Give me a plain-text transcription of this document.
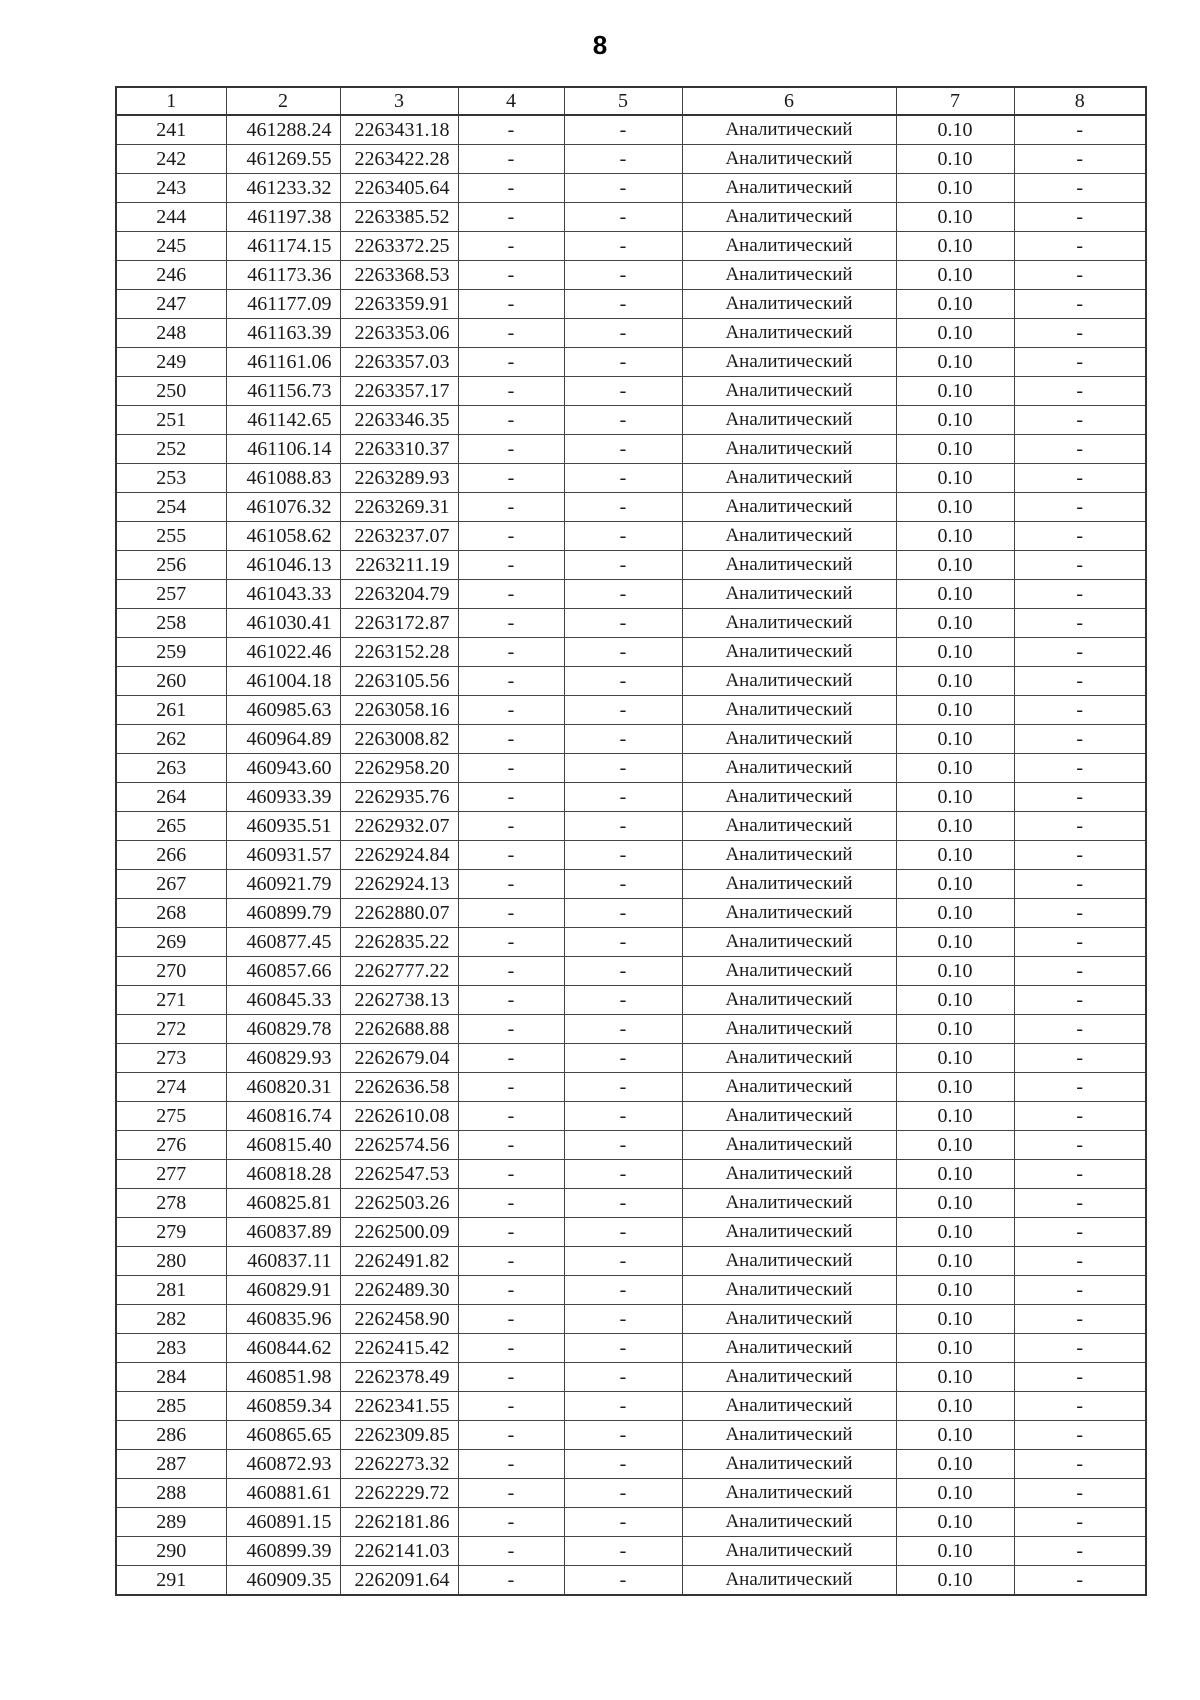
8
1	2	3	4	5	6	7	8
241	461288.24	2263431.18	-	-	Аналитический	0.10	-
242	461269.55	2263422.28	-	-	Аналитический	0.10	-
243	461233.32	2263405.64	-	-	Аналитический	0.10	-
244	461197.38	2263385.52	-	-	Аналитический	0.10	-
245	461174.15	2263372.25	-	-	Аналитический	0.10	-
246	461173.36	2263368.53	-	-	Аналитический	0.10	-
247	461177.09	2263359.91	-	-	Аналитический	0.10	-
248	461163.39	2263353.06	-	-	Аналитический	0.10	-
249	461161.06	2263357.03	-	-	Аналитический	0.10	-
250	461156.73	2263357.17	-	-	Аналитический	0.10	-
251	461142.65	2263346.35	-	-	Аналитический	0.10	-
252	461106.14	2263310.37	-	-	Аналитический	0.10	-
253	461088.83	2263289.93	-	-	Аналитический	0.10	-
254	461076.32	2263269.31	-	-	Аналитический	0.10	-
255	461058.62	2263237.07	-	-	Аналитический	0.10	-
256	461046.13	2263211.19	-	-	Аналитический	0.10	-
257	461043.33	2263204.79	-	-	Аналитический	0.10	-
258	461030.41	2263172.87	-	-	Аналитический	0.10	-
259	461022.46	2263152.28	-	-	Аналитический	0.10	-
260	461004.18	2263105.56	-	-	Аналитический	0.10	-
261	460985.63	2263058.16	-	-	Аналитический	0.10	-
262	460964.89	2263008.82	-	-	Аналитический	0.10	-
263	460943.60	2262958.20	-	-	Аналитический	0.10	-
264	460933.39	2262935.76	-	-	Аналитический	0.10	-
265	460935.51	2262932.07	-	-	Аналитический	0.10	-
266	460931.57	2262924.84	-	-	Аналитический	0.10	-
267	460921.79	2262924.13	-	-	Аналитический	0.10	-
268	460899.79	2262880.07	-	-	Аналитический	0.10	-
269	460877.45	2262835.22	-	-	Аналитический	0.10	-
270	460857.66	2262777.22	-	-	Аналитический	0.10	-
271	460845.33	2262738.13	-	-	Аналитический	0.10	-
272	460829.78	2262688.88	-	-	Аналитический	0.10	-
273	460829.93	2262679.04	-	-	Аналитический	0.10	-
274	460820.31	2262636.58	-	-	Аналитический	0.10	-
275	460816.74	2262610.08	-	-	Аналитический	0.10	-
276	460815.40	2262574.56	-	-	Аналитический	0.10	-
277	460818.28	2262547.53	-	-	Аналитический	0.10	-
278	460825.81	2262503.26	-	-	Аналитический	0.10	-
279	460837.89	2262500.09	-	-	Аналитический	0.10	-
280	460837.11	2262491.82	-	-	Аналитический	0.10	-
281	460829.91	2262489.30	-	-	Аналитический	0.10	-
282	460835.96	2262458.90	-	-	Аналитический	0.10	-
283	460844.62	2262415.42	-	-	Аналитический	0.10	-
284	460851.98	2262378.49	-	-	Аналитический	0.10	-
285	460859.34	2262341.55	-	-	Аналитический	0.10	-
286	460865.65	2262309.85	-	-	Аналитический	0.10	-
287	460872.93	2262273.32	-	-	Аналитический	0.10	-
288	460881.61	2262229.72	-	-	Аналитический	0.10	-
289	460891.15	2262181.86	-	-	Аналитический	0.10	-
290	460899.39	2262141.03	-	-	Аналитический	0.10	-
291	460909.35	2262091.64	-	-	Аналитический	0.10	-
